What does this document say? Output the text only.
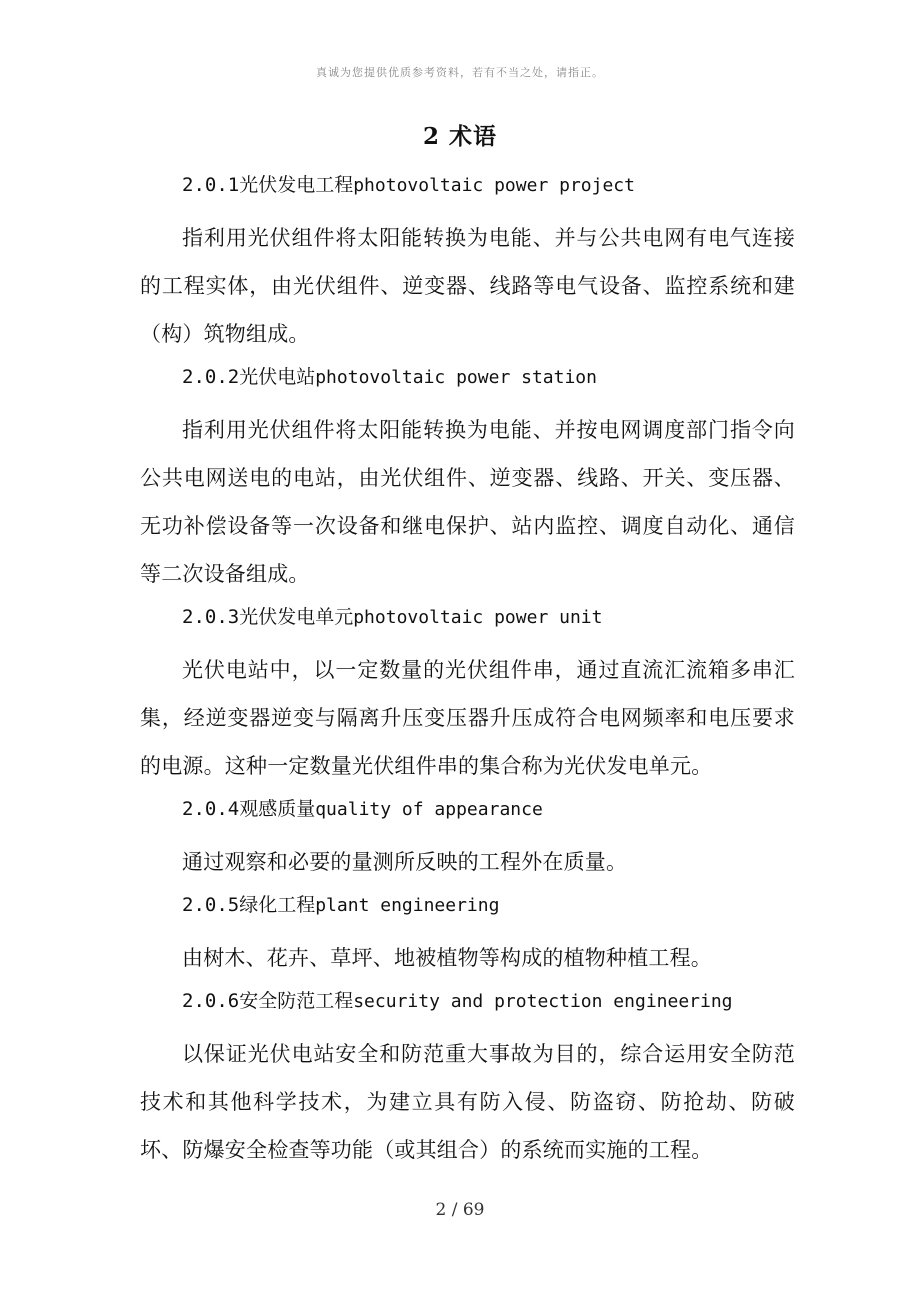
真诚为您提供优质参考资料，若有不当之处，请指正。
2 术语

2.0.1光伏发电工程photovoltaic power project

指利用光伏组件将太阳能转换为电能、并与公共电网有电气连接的工程实体，由光伏组件、逆变器、线路等电气设备、监控系统和建（构）筑物组成。

2.0.2光伏电站photovoltaic power station

指利用光伏组件将太阳能转换为电能、并按电网调度部门指令向公共电网送电的电站，由光伏组件、逆变器、线路、开关、变压器、无功补偿设备等一次设备和继电保护、站内监控、调度自动化、通信等二次设备组成。

2.0.3光伏发电单元photovoltaic power unit

光伏电站中，以一定数量的光伏组件串，通过直流汇流箱多串汇集，经逆变器逆变与隔离升压变压器升压成符合电网频率和电压要求的电源。这种一定数量光伏组件串的集合称为光伏发电单元。

2.0.4观感质量quality of appearance

通过观察和必要的量测所反映的工程外在质量。

2.0.5绿化工程plant engineering

由树木、花卉、草坪、地被植物等构成的植物种植工程。

2.0.6安全防范工程security and protection engineering

以保证光伏电站安全和防范重大事故为目的，综合运用安全防范技术和其他科学技术，为建立具有防入侵、防盗窃、防抢劫、防破坏、防爆安全检查等功能（或其组合）的系统而实施的工程。

2 / 69
